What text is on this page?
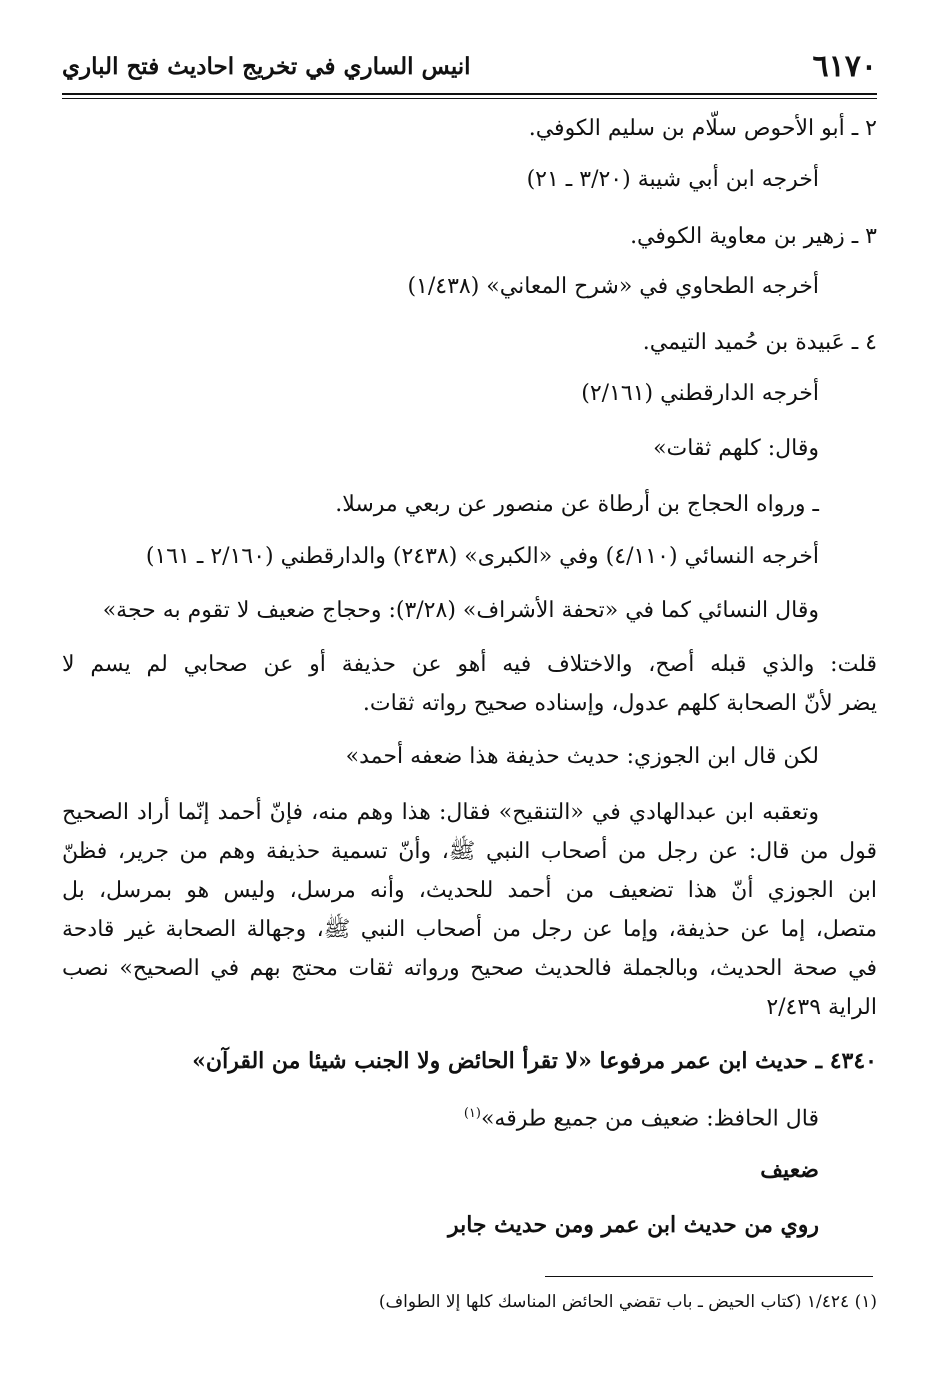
٦١٧٠
انيس الساري في تخريج احاديث فتح الباري
٢ ـ أبو الأحوص سلّام بن سليم الكوفي.
أخرجه ابن أبي شيبة (٣/٢٠ ـ ٢١)
٣ ـ زهير بن معاوية الكوفي.
أخرجه الطحاوي في «شرح المعاني» (١/٤٣٨)
٤ ـ عَبيدة بن حُميد التيمي.
أخرجه الدارقطني (٢/١٦١)
وقال: كلهم ثقات»
ـ ورواه الحجاج بن أرطاة عن منصور عن ربعي مرسلا.
أخرجه النسائي (٤/١١٠) وفي «الكبرى» (٢٤٣٨) والدارقطني (٢/١٦٠ ـ ١٦١)
وقال النسائي كما في «تحفة الأشراف» (٣/٢٨): وحجاج ضعيف لا تقوم به حجة»
قلت: والذي قبله أصح، والاختلاف فيه أهو عن حذيفة أو عن صحابي لم يسم لا
يضر لأنّ الصحابة كلهم عدول، وإسناده صحيح رواته ثقات.
لكن قال ابن الجوزي: حديث حذيفة هذا ضعفه أحمد»
وتعقبه ابن عبدالهادي في «التنقيح» فقال: هذا وهم منه، فإنّ أحمد إنّما أراد الصحيح
قول من قال: عن رجل من أصحاب النبي ﷺ، وأنّ تسمية حذيفة وهم من جرير، فظنّ
ابن الجوزي أنّ هذا تضعيف من أحمد للحديث، وأنه مرسل، وليس هو بمرسل، بل
متصل، إما عن حذيفة، وإما عن رجل من أصحاب النبي ﷺ، وجهالة الصحابة غير قادحة
في صحة الحديث، وبالجملة فالحديث صحيح ورواته ثقات محتج بهم في الصحيح» نصب
الراية ٢/٤٣٩
٤٣٤٠ ـ حديث ابن عمر مرفوعا «لا تقرأ الحائض ولا الجنب شيئا من القرآن»
قال الحافظ: ضعيف من جميع طرقه»$^{(١)}$
ضعيف
روي من حديث ابن عمر ومن حديث جابر
(١) ١/٤٢٤ (كتاب الحيض ـ باب تقضي الحائض المناسك كلها إلا الطواف)
